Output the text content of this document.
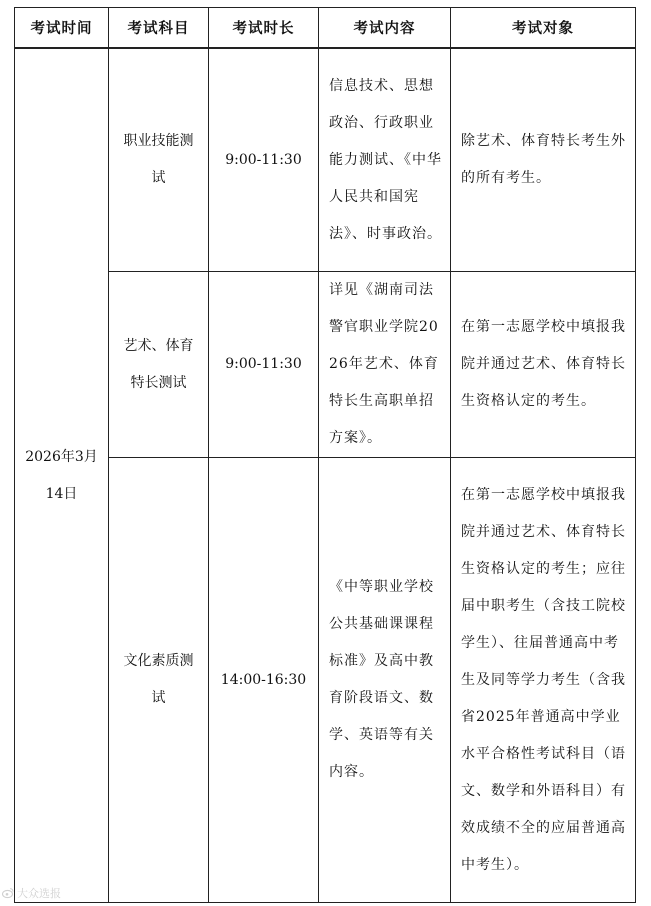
考试时间	考试科目	考试时长	考试内容	考试对象
2026年3月14日	职业技能测试	9:00-11:30	信息技术、思想政治、行政职业能力测试、《中华人民共和国宪法》、时事政治。	除艺术、体育特长考生外的所有考生。
	艺术、体育特长测试	9:00-11:30	详见《湖南司法警官职业学院2026年艺术、体育特长生高职单招方案》。	在第一志愿学校中填报我院并通过艺术、体育特长生资格认定的考生。
	文化素质测试	14:00-16:30	《中等职业学校公共基础课课程标准》及高中教育阶段语文、数学、英语等有关内容。	在第一志愿学校中填报我院并通过艺术、体育特长生资格认定的考生；应往届中职考生（含技工院校学生）、往届普通高中考生及同等学力考生（含我省2025年普通高中学业水平合格性考试科目（语文、数学和外语科目）有效成绩不全的应届普通高中考生）。
大众选报
